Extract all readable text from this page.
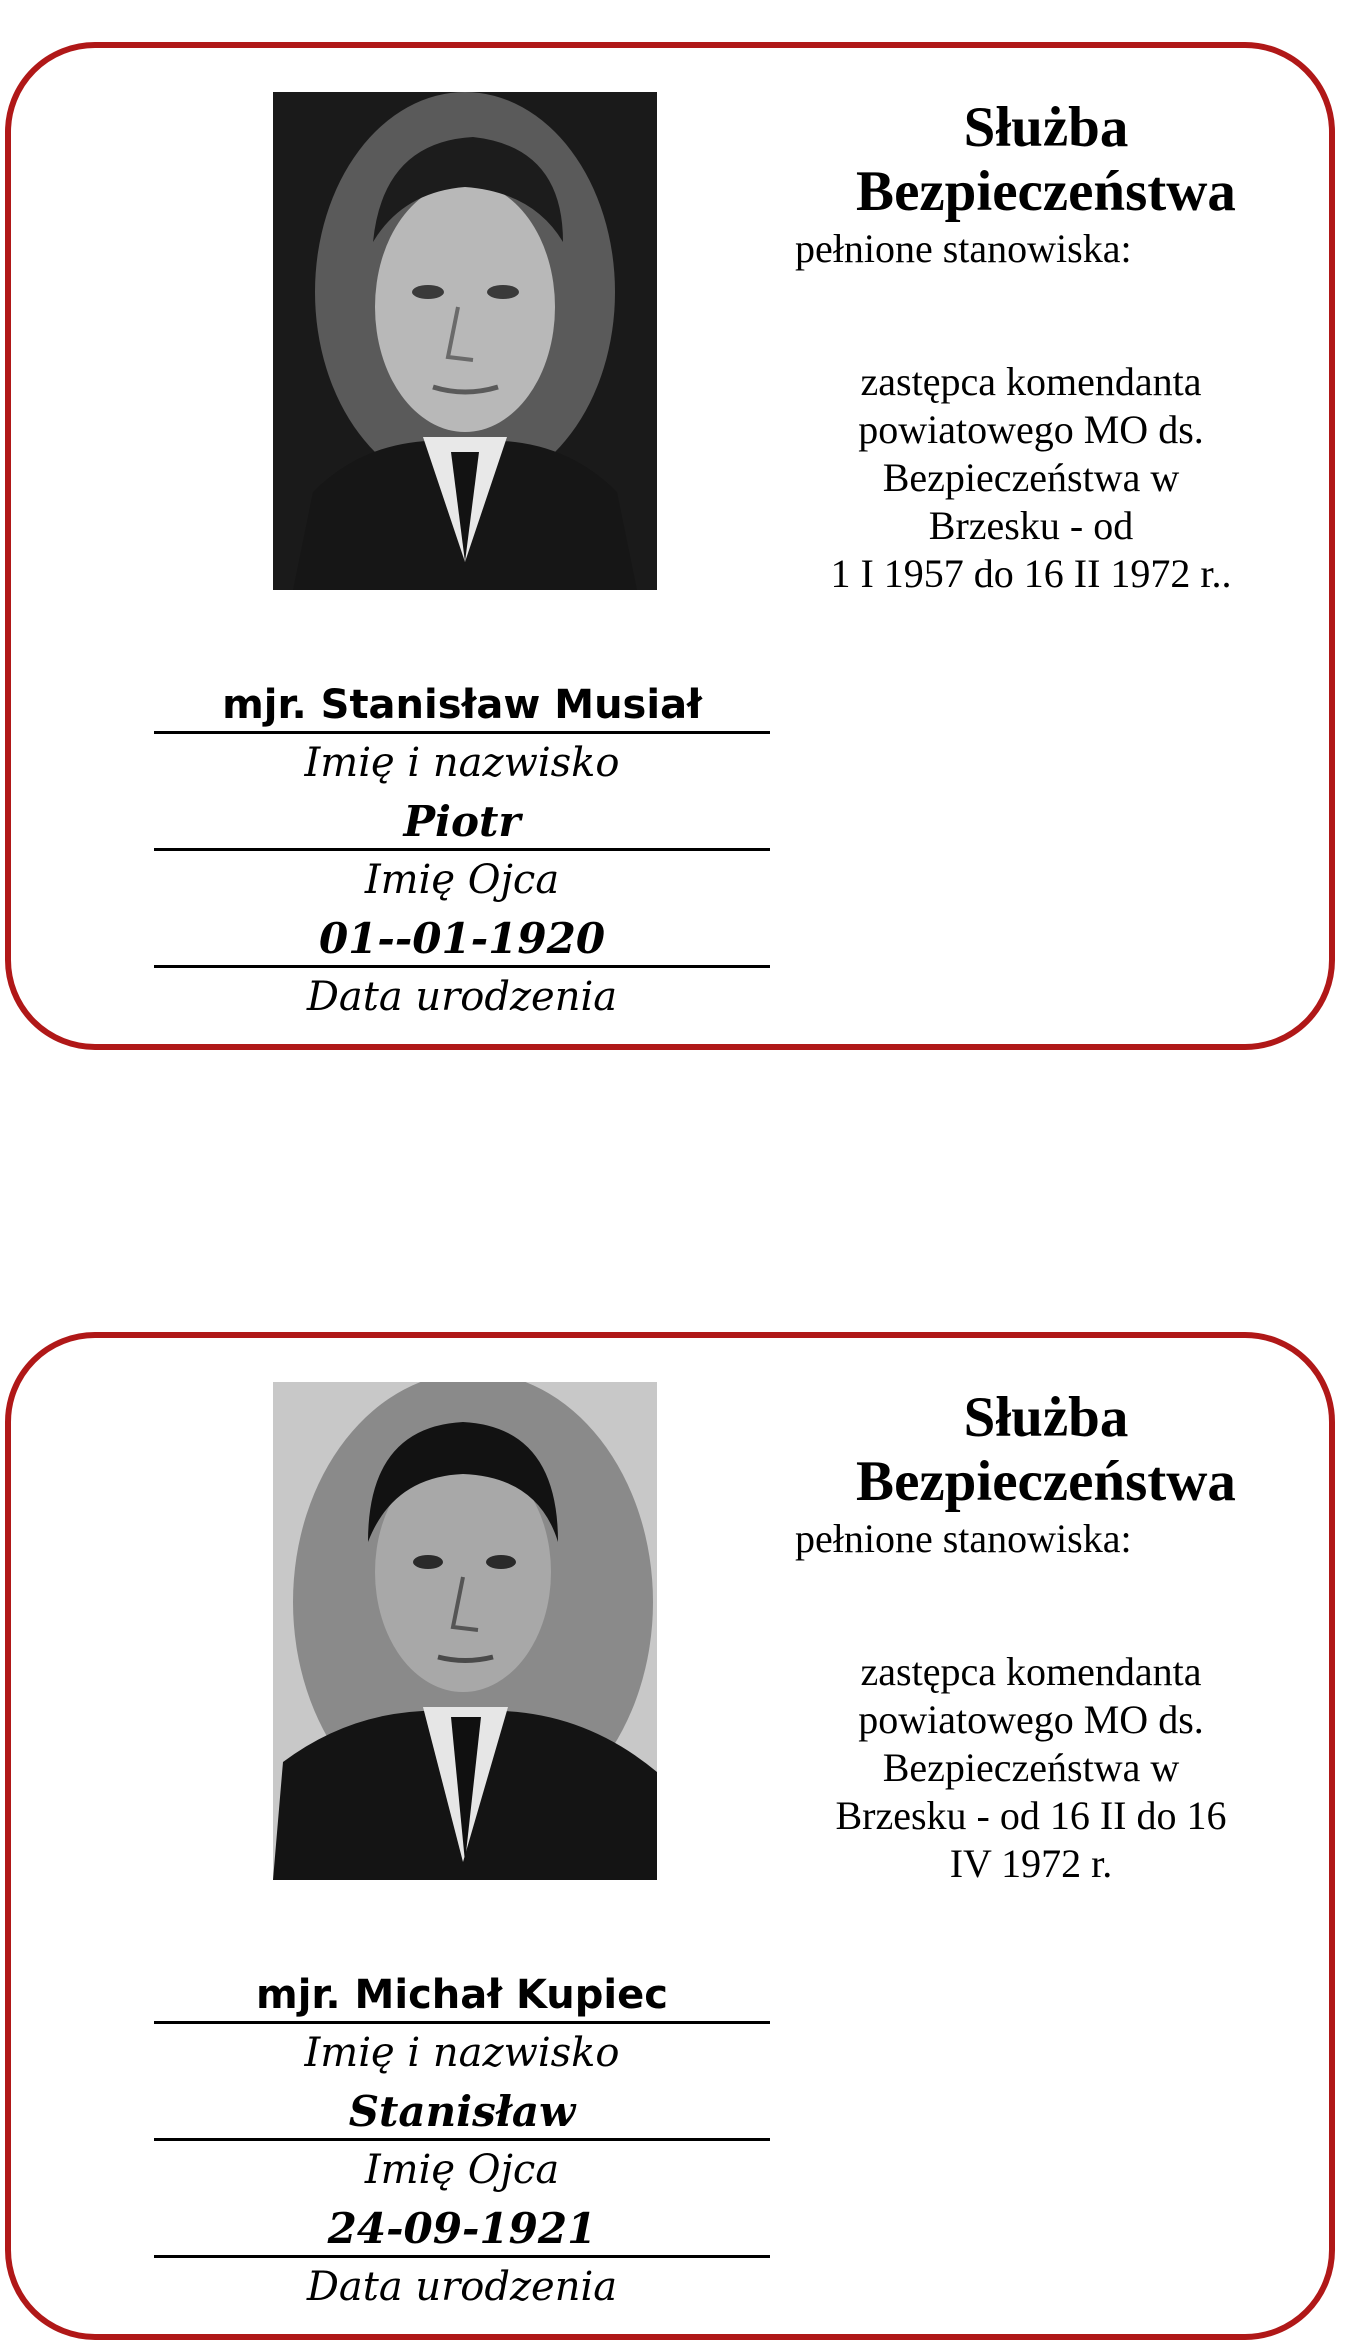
Służba Bezpieczeństwa
pełnione stanowiska:
zastępca komendanta
powiatowego MO ds.
Bezpieczeństwa w
Brzesku - od
1 I 1957 do 16 II 1972 r..
mjr. Stanisław Musiał
Imię i nazwisko
Piotr
Imię Ojca
01--01-1920
Data urodzenia
Służba Bezpieczeństwa
pełnione stanowiska:
zastępca komendanta
powiatowego MO ds.
Bezpieczeństwa w
Brzesku - od 16 II do 16
IV 1972 r.
mjr. Michał Kupiec
Imię i nazwisko
Stanisław
Imię Ojca
24-09-1921
Data urodzenia
